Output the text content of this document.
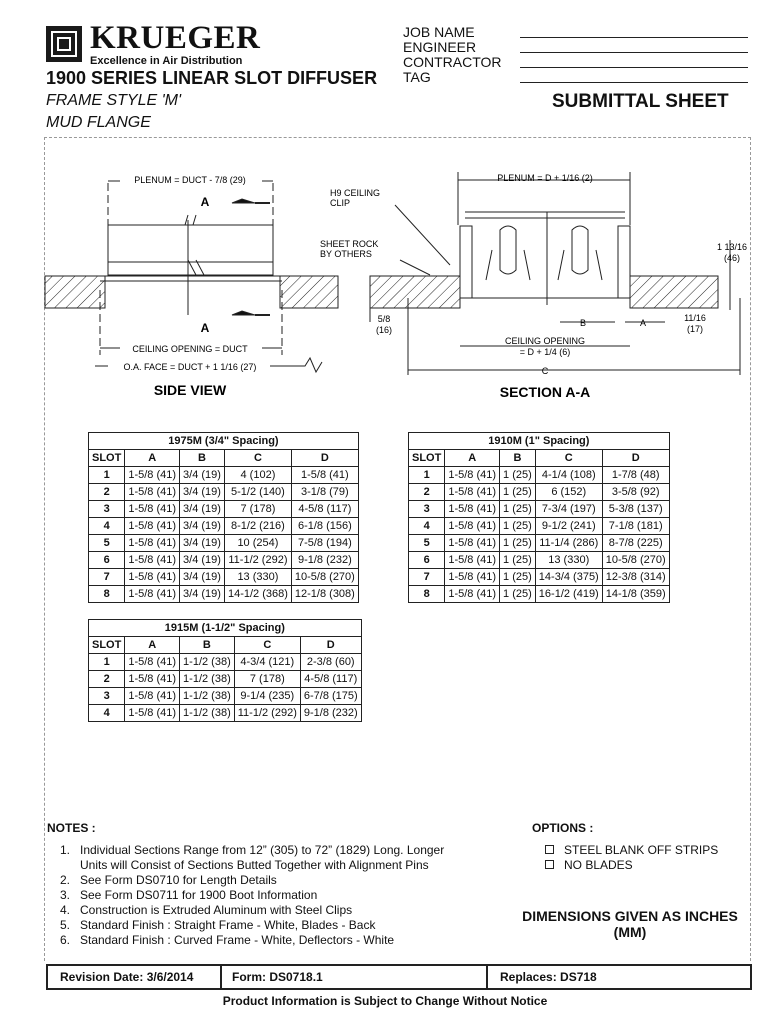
KRUEGER
Excellence in Air Distribution
1900 SERIES LINEAR SLOT DIFFUSER
FRAME STYLE 'M'
MUD FLANGE
JOB NAME
ENGINEER
CONTRACTOR
TAG
SUBMITTAL SHEET
PLENUM = DUCT - 7/8 (29)
A
A
CEILING OPENING = DUCT
O.A. FACE = DUCT + 1 1/16 (27)
SIDE VIEW
PLENUM = D + 1/16 (2)
H9 CEILING
CLIP
SHEET ROCK
BY OTHERS
1 13/16
(46)
5/8
(16)
B	A	11/16
(17)
CEILING OPENING
= D + 1/4 (6)
C
SECTION A-A
1975M (3/4" Spacing)				
SLOT	A	B	C	D
1	1-5/8 (41)	3/4 (19)	4 (102)	1-5/8 (41)
2	1-5/8 (41)	3/4 (19)	5-1/2 (140)	3-1/8 (79)
3	1-5/8 (41)	3/4 (19)	7 (178)	4-5/8 (117)
4	1-5/8 (41)	3/4 (19)	8-1/2 (216)	6-1/8 (156)
5	1-5/8 (41)	3/4 (19)	10 (254)	7-5/8 (194)
6	1-5/8 (41)	3/4 (19)	11-1/2 (292)	9-1/8 (232)
7	1-5/8 (41)	3/4 (19)	13 (330)	10-5/8 (270)
8	1-5/8 (41)	3/4 (19)	14-1/2 (368)	12-1/8 (308)
1910M (1" Spacing)				
SLOT	A	B	C	D
1	1-5/8 (41)	1 (25)	4-1/4 (108)	1-7/8 (48)
2	1-5/8 (41)	1 (25)	6 (152)	3-5/8 (92)
3	1-5/8 (41)	1 (25)	7-3/4 (197)	5-3/8 (137)
4	1-5/8 (41)	1 (25)	9-1/2 (241)	7-1/8 (181)
5	1-5/8 (41)	1 (25)	11-1/4 (286)	8-7/8 (225)
6	1-5/8 (41)	1 (25)	13 (330)	10-5/8 (270)
7	1-5/8 (41)	1 (25)	14-3/4 (375)	12-3/8 (314)
8	1-5/8 (41)	1 (25)	16-1/2 (419)	14-1/8 (359)
1915M (1-1/2" Spacing)				
SLOT	A	B	C	D
1	1-5/8 (41)	1-1/2 (38)	4-3/4 (121)	2-3/8 (60)
2	1-5/8 (41)	1-1/2 (38)	7 (178)	4-5/8 (117)
3	1-5/8 (41)	1-1/2 (38)	9-1/4 (235)	6-7/8 (175)
4	1-5/8 (41)	1-1/2 (38)	11-1/2 (292)	9-1/8 (232)
NOTES :
1. Individual Sections Range from 12” (305) to 72” (1829) Long. Longer Units will Consist of Sections Butted Together with Alignment Pins
2. See Form DS0710 for Length Details
3. See Form DS0711 for 1900 Boot Information
4. Construction is Extruded Aluminum with Steel Clips
5. Standard Finish : Straight Frame - White, Blades - Back
6. Standard Finish : Curved Frame - White, Deflectors - White
OPTIONS :
STEEL BLANK OFF STRIPS
NO BLADES
DIMENSIONS GIVEN AS INCHES (MM)
Revision Date: 3/6/2014	Form: DS0718.1	Replaces: DS718
Product Information is Subject to Change Without Notice
